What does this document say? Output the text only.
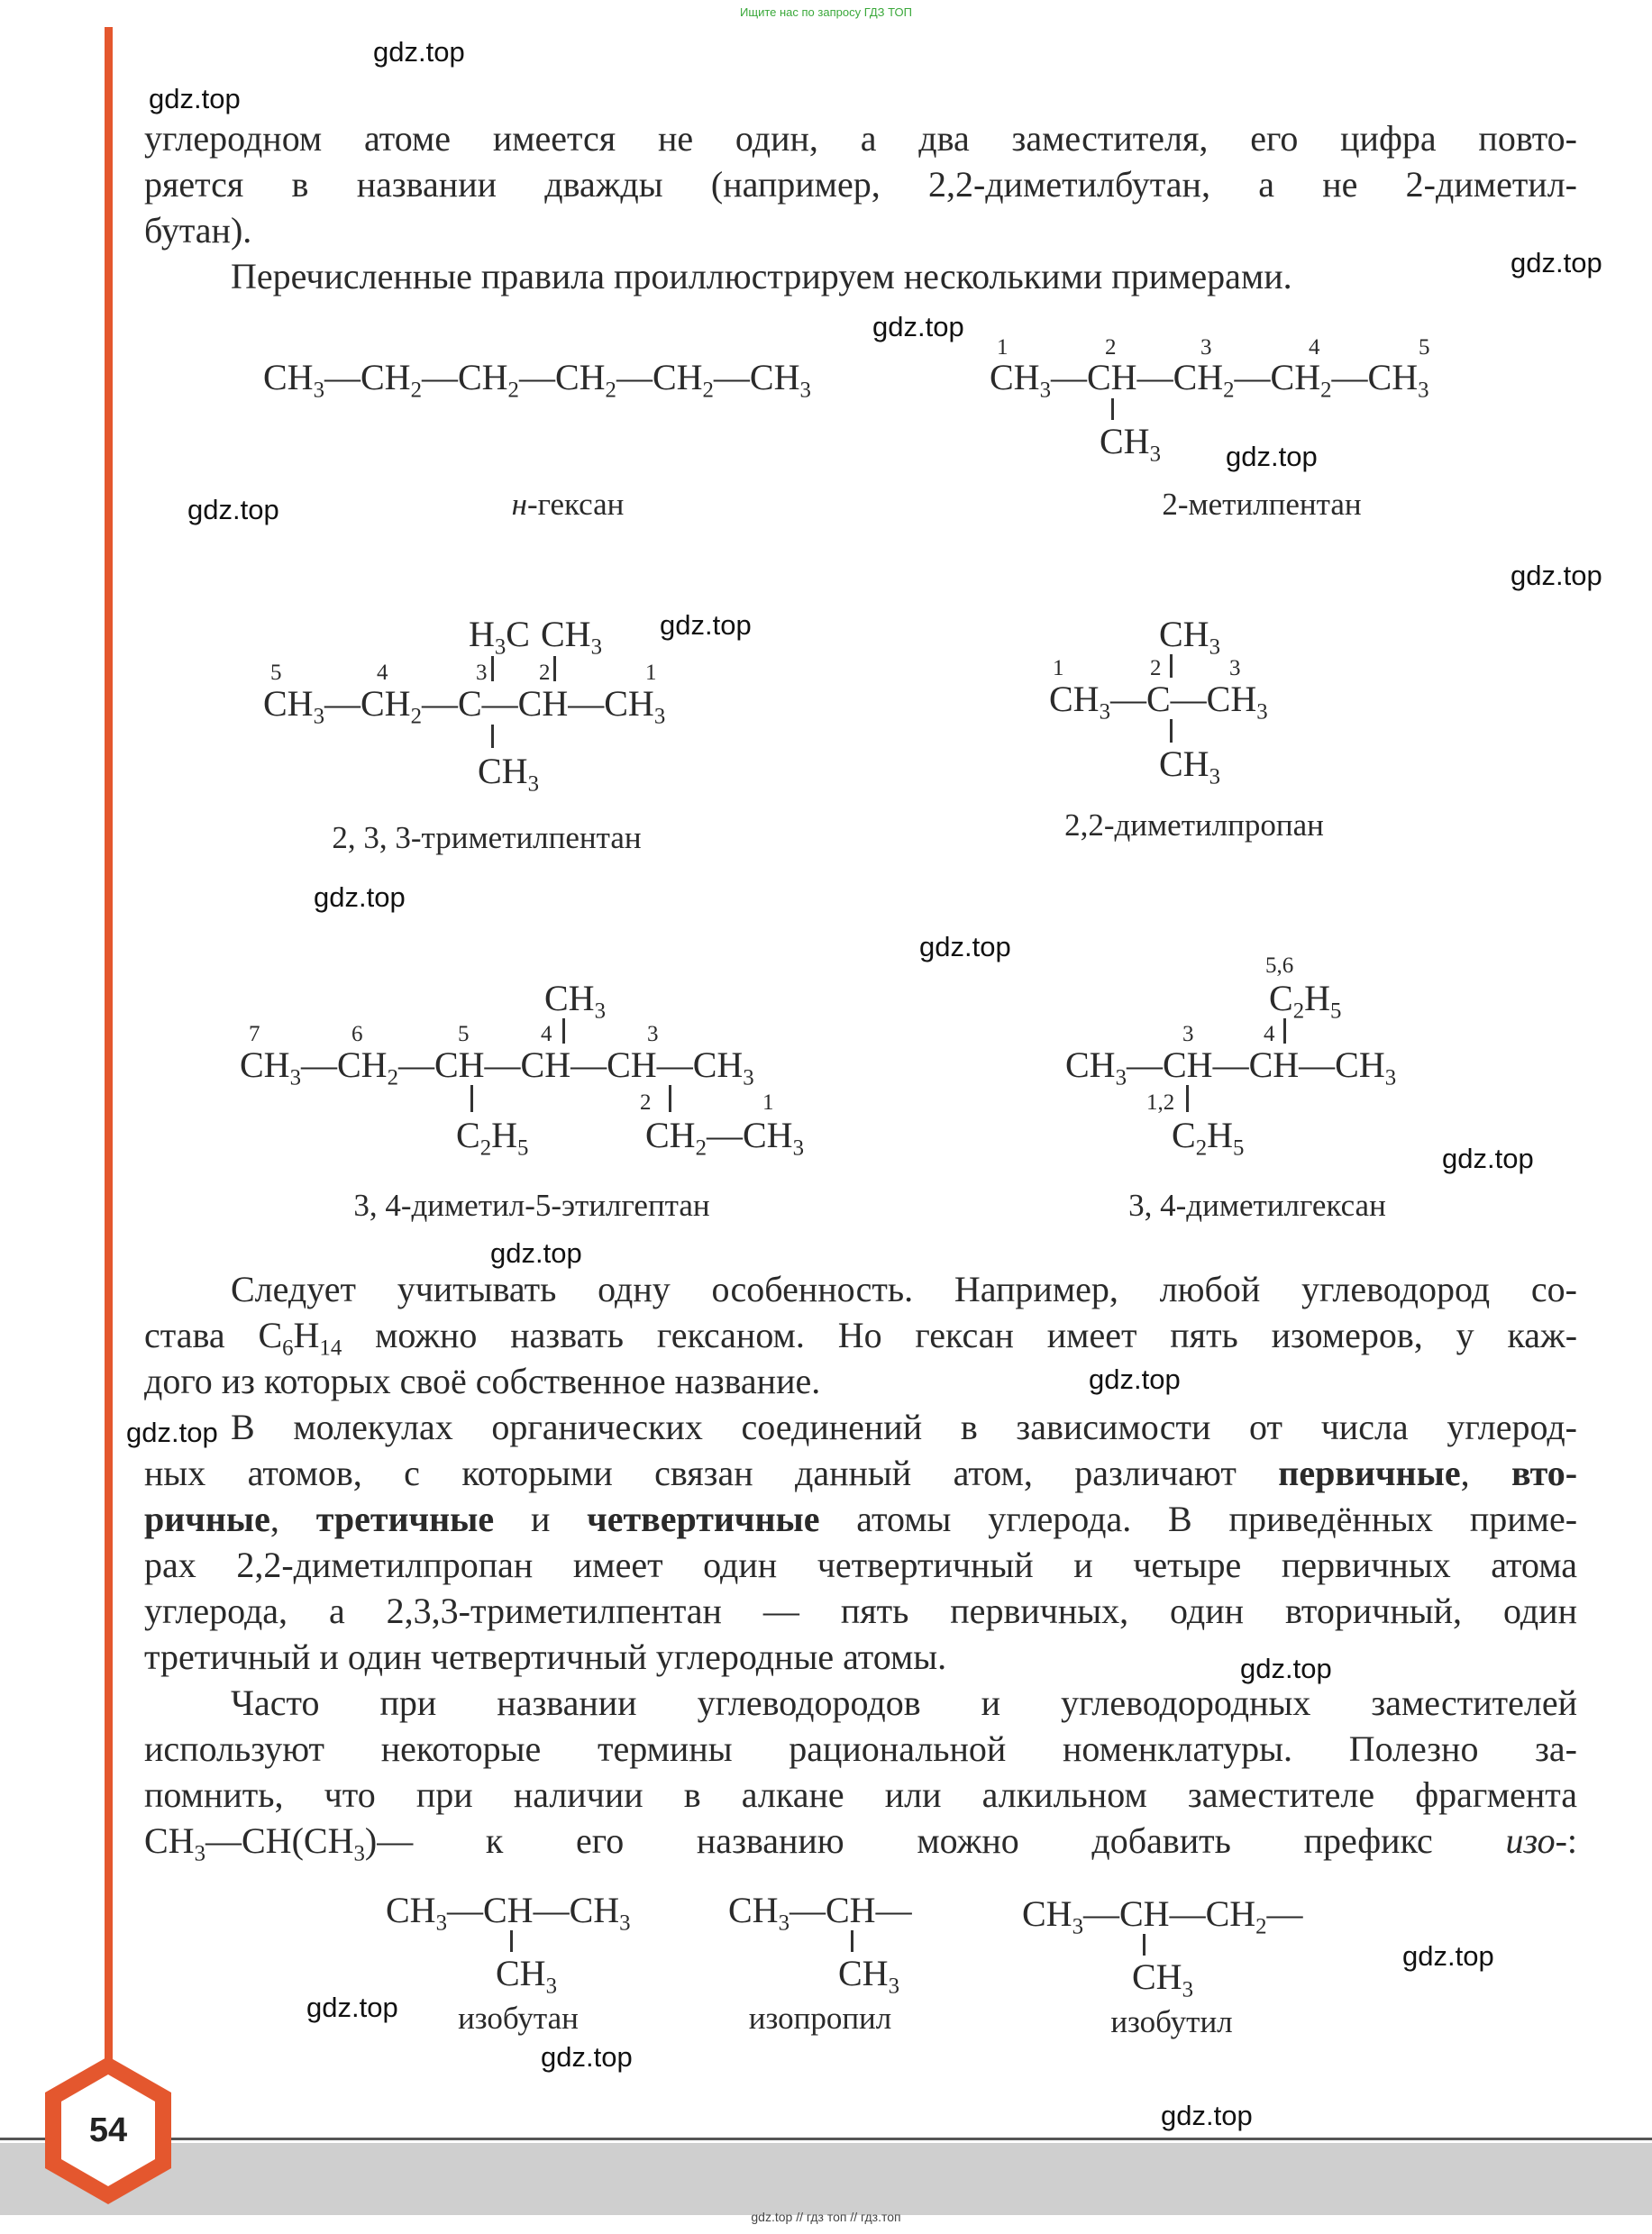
Ищите нас по запросу ГДЗ ТОП
gdz.top
gdz.top
gdz.top
gdz.top
gdz.top
gdz.top
gdz.top
gdz.top
gdz.top
gdz.top
gdz.top
gdz.top
gdz.top
gdz.top
gdz.top
gdz.top
gdz.top
gdz.top
gdz.top
углеродном атоме имеется не один, а два заместителя, его цифра повто-
ряется в названии дважды (например, 2,2-диметилбутан, а не 2-диметил-
бутан).
Перечисленные правила проиллюстрируем несколькими примерами.
$CH_3—CH_2—CH_2—CH_2—CH_2—CH_3$
н-гексан
1	2	3	4	5
$CH_3—CH—CH_2—CH_2—CH_3$
$CH_3$
2-метилпентан
$H_3C$ $CH_3$
5	4	3 2	1
$CH_3—CH_2—C—CH—CH_3$
$CH_3$
2, 3, 3-триметилпентан
$CH_3$
1	2	3
$CH_3—C—CH_3$
$CH_3$
2,2-диметилпропан
$CH_3$
7	6	5	4	3
$CH_3—CH_2—CH—CH—CH—CH_3$
2	1
$C_2H_5$	$CH_2—CH_3$
3, 4-диметил-5-этилгептан
5,6
$C_2H_5$
3	4
$CH_3—CH—CH—CH_3$
1,2
$C_2H_5$
3, 4-диметилгексан
Следует учитывать одну особенность. Например, любой углеводород со-
става $C_6H_{14}$ можно назвать гексаном. Но гексан имеет пять изомеров, у каж-
дого из которых своё собственное название.
В молекулах органических соединений в зависимости от числа углерод-
ных атомов, с которыми связан данный атом, различают первичные, вто-
ричные, третичные и четвертичные атомы углерода. В приведённых приме-
рах 2,2-диметилпропан имеет один четвертичный и четыре первичных атома
углерода, а 2,3,3-триметилпентан — пять первичных, один вторичный, один
третичный и один четвертичный углеродные атомы.
Часто при названии углеводородов и углеводородных заместителей
используют некоторые термины рациональной номенклатуры. Полезно за-
помнить, что при наличии в алкане или алкильном заместителе фрагмента
$CH_3—CH(CH_3)—$ к его названию можно добавить префикс изо-:
$CH_3—CH—CH_3$
$CH_3$
изобутан
$CH_3—CH—$
$CH_3$
изопропил
$CH_3—CH—CH_2—$
$CH_3$
изобутил
54
gdz.top // гдз топ // гдз.топ
